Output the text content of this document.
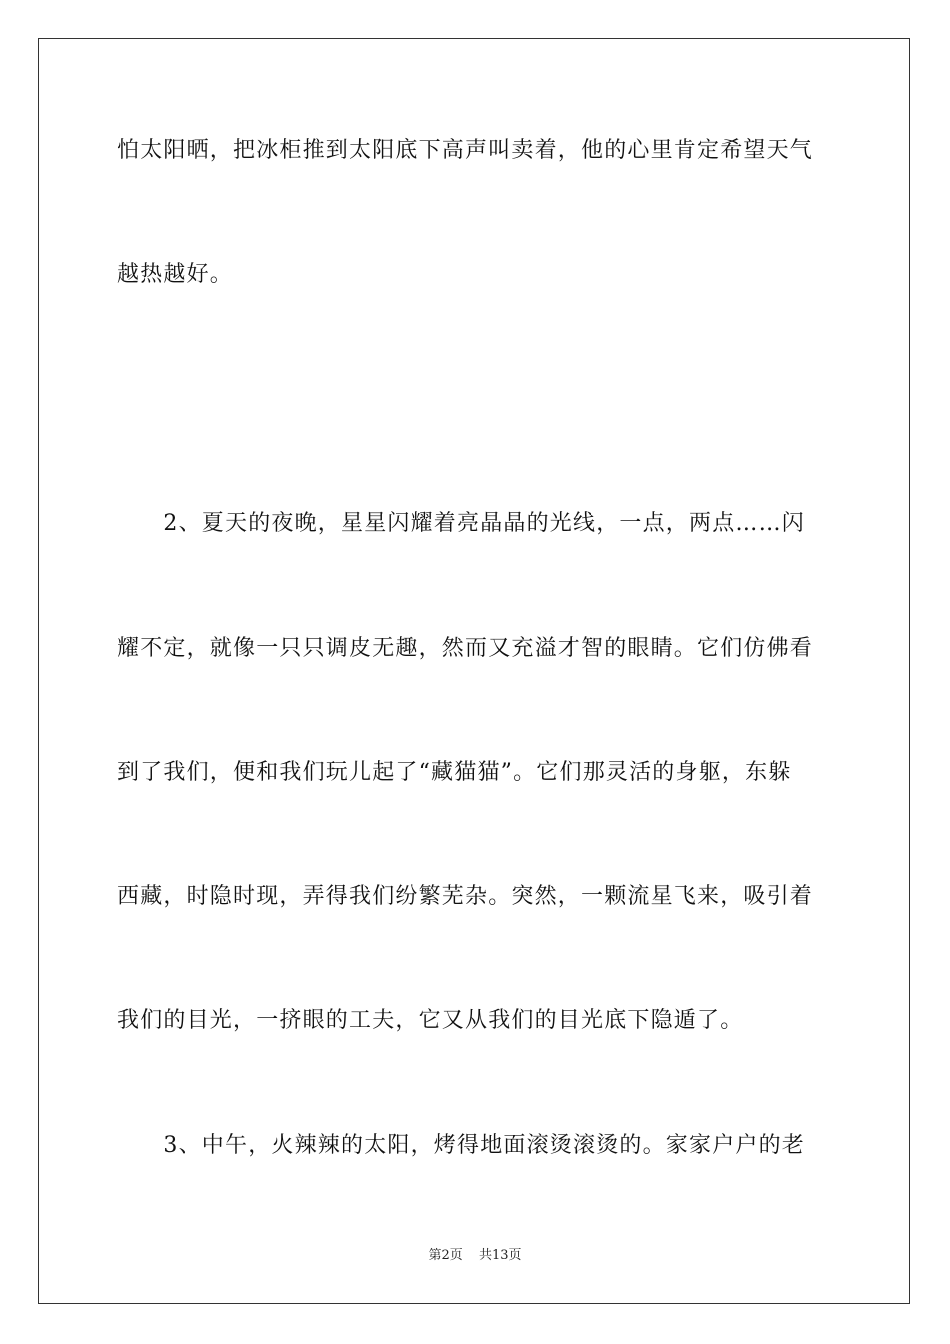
怕太阳晒，把冰柜推到太阳底下高声叫卖着，他的心里肯定希望天气
越热越好。
　　2、夏天的夜晚，星星闪耀着亮晶晶的光线，一点，两点……闪
耀不定，就像一只只调皮无趣，然而又充溢才智的眼睛。它们仿佛看
到了我们，便和我们玩儿起了“藏猫猫”。它们那灵活的身躯，东躲
西藏，时隐时现，弄得我们纷繁芜杂。突然，一颗流星飞来，吸引着
我们的目光，一挤眼的工夫，它又从我们的目光底下隐遁了。
　　3、中午，火辣辣的太阳，烤得地面滚烫滚烫的。家家户户的老
第2页 共13页
